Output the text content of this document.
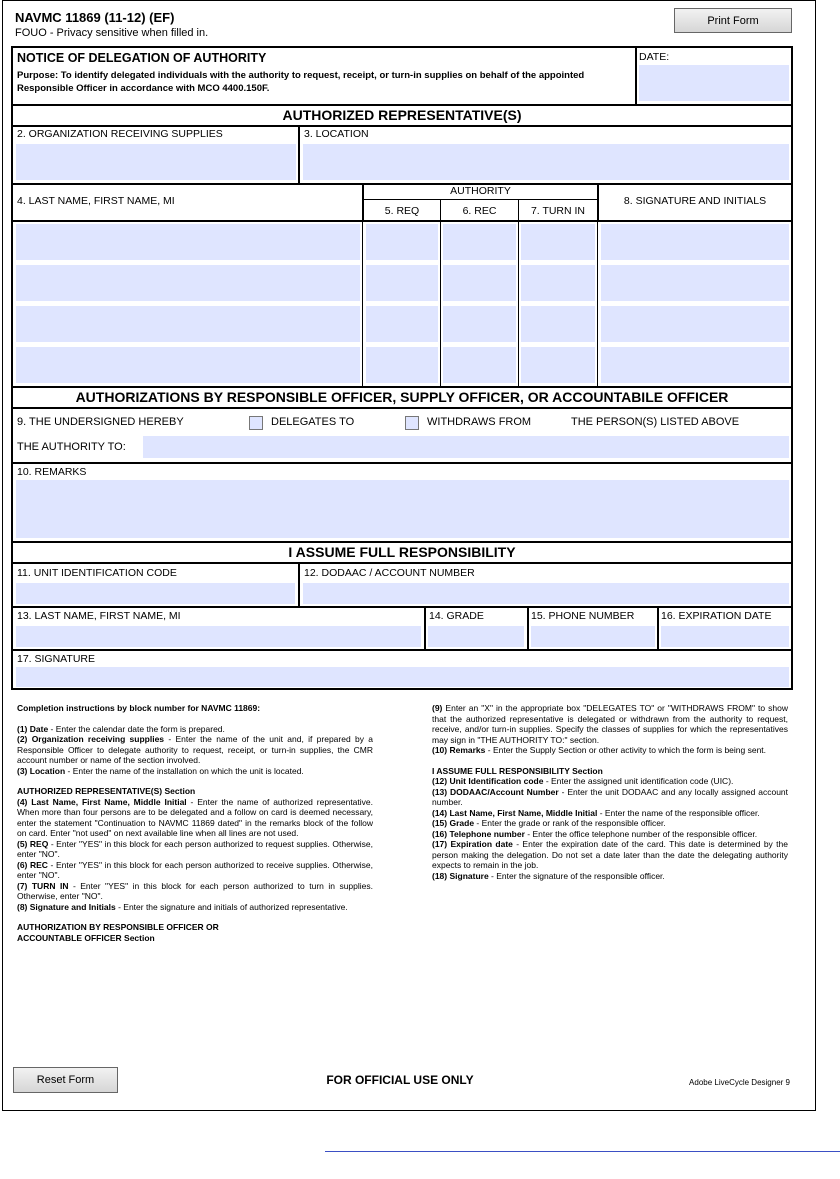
NAVMC 11869 (11-12) (EF)
FOUO - Privacy sensitive when filled in.
Print Form
NOTICE OF DELEGATION OF AUTHORITY
Purpose: To identify delegated individuals with the authority to request, receipt, or turn-in supplies on behalf of the appointed Responsible Officer in accordance with MCO 4400.150F.
DATE:
AUTHORIZED REPRESENTATIVE(S)
2. ORGANIZATION RECEIVING SUPPLIES	3. LOCATION
4. LAST NAME, FIRST NAME, MI
AUTHORITY
5. REQ	6. REC	7. TURN IN
8. SIGNATURE AND INITIALS
AUTHORIZATIONS BY RESPONSIBLE OFFICER, SUPPLY OFFICER, OR ACCOUNTABILE OFFICER
9. THE UNDERSIGNED HEREBY	DELEGATES TO	WITHDRAWS FROM	THE PERSON(S) LISTED ABOVE
THE AUTHORITY TO:
10. REMARKS
I ASSUME FULL RESPONSIBILITY
11. UNIT IDENTIFICATION CODE	12. DODAAC / ACCOUNT NUMBER
13. LAST NAME, FIRST NAME, MI	14. GRADE	15. PHONE NUMBER	16. EXPIRATION DATE
17. SIGNATURE

Completion instructions by block number for NAVMC 11869:

(1) Date - Enter the calendar date the form is prepared.

(2) Organization receiving supplies - Enter the name of the unit and, if prepared by a Responsible Officer to delegate authority to request, receipt, or turn-in supplies, the CMR account number or name of the section involved.

(3) Location - Enter the name of the installation on which the unit is located.

AUTHORIZED REPRESENTATIVE(S) Section

(4) Last Name, First Name, Middle Initial - Enter the name of authorized representative. When more than four persons are to be delegated and a follow on card is deemed necessary, enter the statement "Continuation to NAVMC 11869 dated" in the remarks block of the follow on card. Enter "not used" on next available line when all lines are not used.

(5) REQ - Enter "YES" in this block for each person authorized to request supplies. Otherwise, enter "NO".

(6) REC - Enter "YES" in this block for each person authorized to receive supplies. Otherwise, enter "NO".

(7) TURN IN - Enter "YES" in this block for each person authorized to turn in supplies. Otherwise, enter "NO".

(8) Signature and Initials - Enter the signature and initials of authorized representative.

AUTHORIZATION BY RESPONSIBLE OFFICER OR

ACCOUNTABLE OFFICER Section

(9) Enter an "X" in the appropriate box "DELEGATES TO" or "WITHDRAWS FROM" to show that the authorized representative is delegated or withdrawn from the authority to request, receive, and/or turn-in supplies. Specify the classes of supplies for which the representatives may sign in "THE AUTHORITY TO:" section.

(10) Remarks - Enter the Supply Section or other activity to which the form is being sent.

I ASSUME FULL RESPONSIBILITY Section

(12) Unit Identification code - Enter the assigned unit identification code (UIC).

(13) DODAAC/Account Number - Enter the unit DODAAC and any locally assigned account number.

(14) Last Name, First Name, Middle Initial - Enter the name of the responsible officer.

(15) Grade - Enter the grade or rank of the responsible officer.

(16) Telephone number - Enter the office telephone number of the responsible officer.

(17) Expiration date - Enter the expiration date of the card. This date is determined by the person making the delegation. Do not set a date later than the date the delegating authority expects to remain in the job.

(18) Signature - Enter the signature of the responsible officer.

Reset Form	FOR OFFICIAL USE ONLY	Adobe LiveCycle Designer 9
